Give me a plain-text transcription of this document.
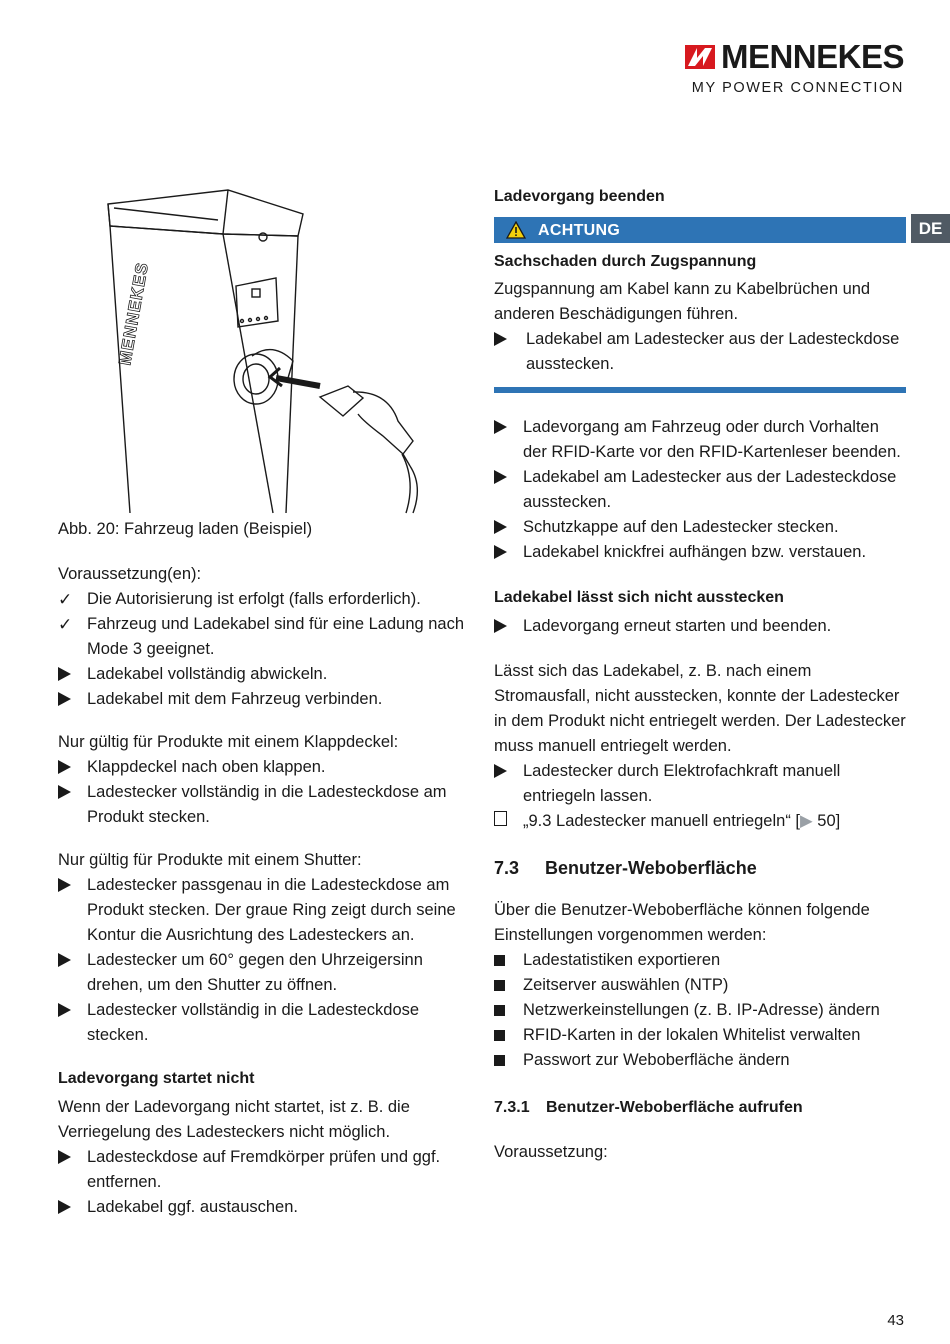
MENNEKES
MY POWER CONNECTION
DE
MENNEKES

Abb. 20: Fahrzeug laden (Beispiel)

Voraussetzung(en):

✓ Die Autorisierung ist erfolgt (falls erforderlich).
✓ Fahrzeug und Ladekabel sind für eine Ladung nach Mode 3 geeignet.
Ladekabel vollständig abwickeln.
Ladekabel mit dem Fahrzeug verbinden.

Nur gültig für Produkte mit einem Klappdeckel:

Klappdeckel nach oben klappen.
Ladestecker vollständig in die Ladesteckdose am Produkt stecken.

Nur gültig für Produkte mit einem Shutter:

Ladestecker passgenau in die Ladesteckdose am Produkt stecken. Der graue Ring zeigt durch seine Kontur die Ausrichtung des Ladesteckers an.
Ladestecker um 60° gegen den Uhrzeigersinn drehen, um den Shutter zu öffnen.
Ladestecker vollständig in die Ladesteckdose stecken.

Ladevorgang startet nicht

Wenn der Ladevorgang nicht startet, ist z. B. die Verriegelung des Ladesteckers nicht möglich.

Ladesteckdose auf Fremdkörper prüfen und ggf. entfernen.
Ladekabel ggf. austauschen.

Ladevorgang beenden

ACHTUNG

Sachschaden durch Zugspannung

Zugspannung am Kabel kann zu Kabelbrüchen und anderen Beschädigungen führen.

Ladekabel am Ladestecker aus der Ladesteckdose ausstecken.
Ladevorgang am Fahrzeug oder durch Vorhalten der RFID-Karte vor den RFID-Kartenleser beenden.
Ladekabel am Ladestecker aus der Ladesteckdose ausstecken.
Schutzkappe auf den Ladestecker stecken.
Ladekabel knickfrei aufhängen bzw. verstauen.

Ladekabel lässt sich nicht ausstecken

Ladevorgang erneut starten und beenden.

Lässt sich das Ladekabel, z. B. nach einem Stromausfall, nicht ausstecken, konnte der Ladestecker in dem Produkt nicht entriegelt werden. Der Ladestecker muss manuell entriegelt werden.

Ladestecker durch Elektrofachkraft manuell entriegeln lassen.
„9.3 Ladestecker manuell entriegeln“ [▶ 50]
7.3	Benutzer-Weboberfläche

Über die Benutzer-Weboberfläche können folgende Einstellungen vorgenommen werden:

Ladestatistiken exportieren
Zeitserver auswählen (NTP)
Netzwerkeinstellungen (z. B. IP-Adresse) ändern
RFID-Karten in der lokalen Whitelist verwalten
Passwort zur Weboberfläche ändern
7.3.1	Benutzer-Weboberfläche aufrufen

Voraussetzung:

43
